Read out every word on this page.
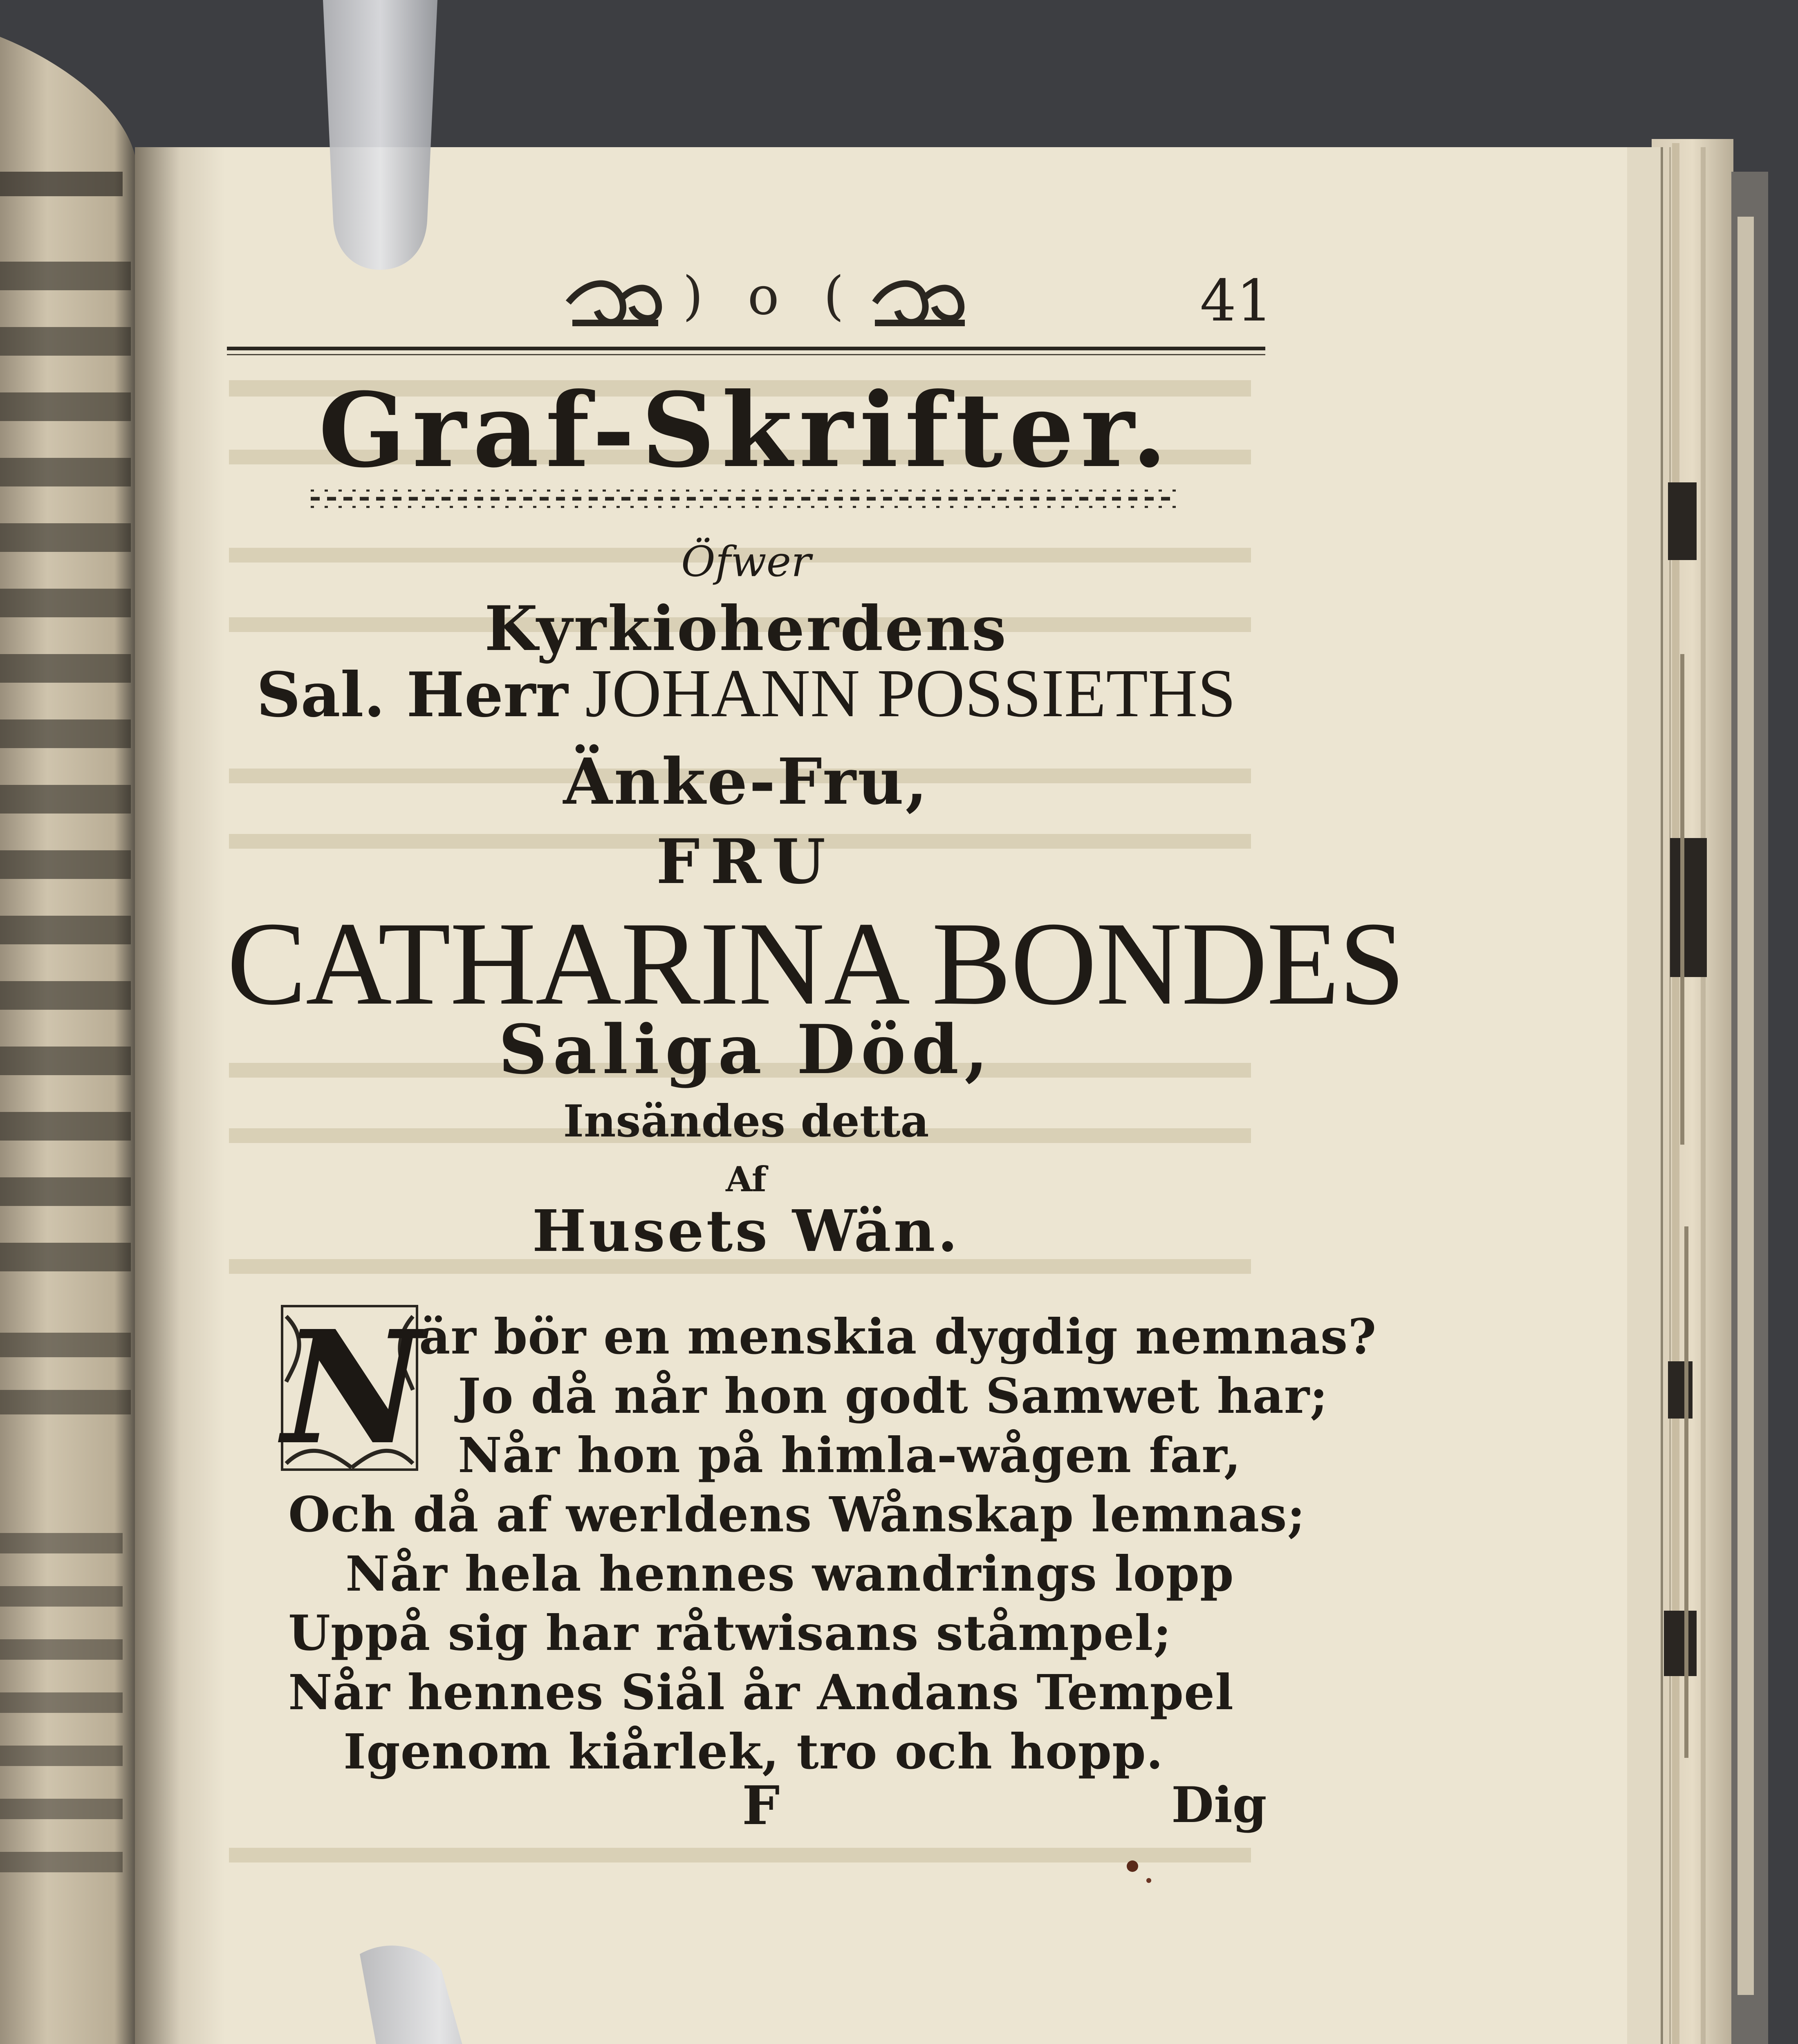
) o (	41
Graf-Skrifter.
Öfwer
Kyrkioherdens
Sal. Herr JOHANN POSSIETHS
Änke-Fru,
FRU
CATHARINA BONDES
Saliga Död,
Insändes detta
Af
Husets Wän.
N
är bör en menskia dygdig nemnas?
Jo då når hon godt Samwet har;
Når hon på himla-wågen far,
Och då af werldens Wånskap lemnas;
Når hela hennes wandrings lopp
Uppå sig har råtwisans ståmpel;
Når hennes Siål år Andans Tempel
Igenom kiårlek, tro och hopp.
F	Dig
